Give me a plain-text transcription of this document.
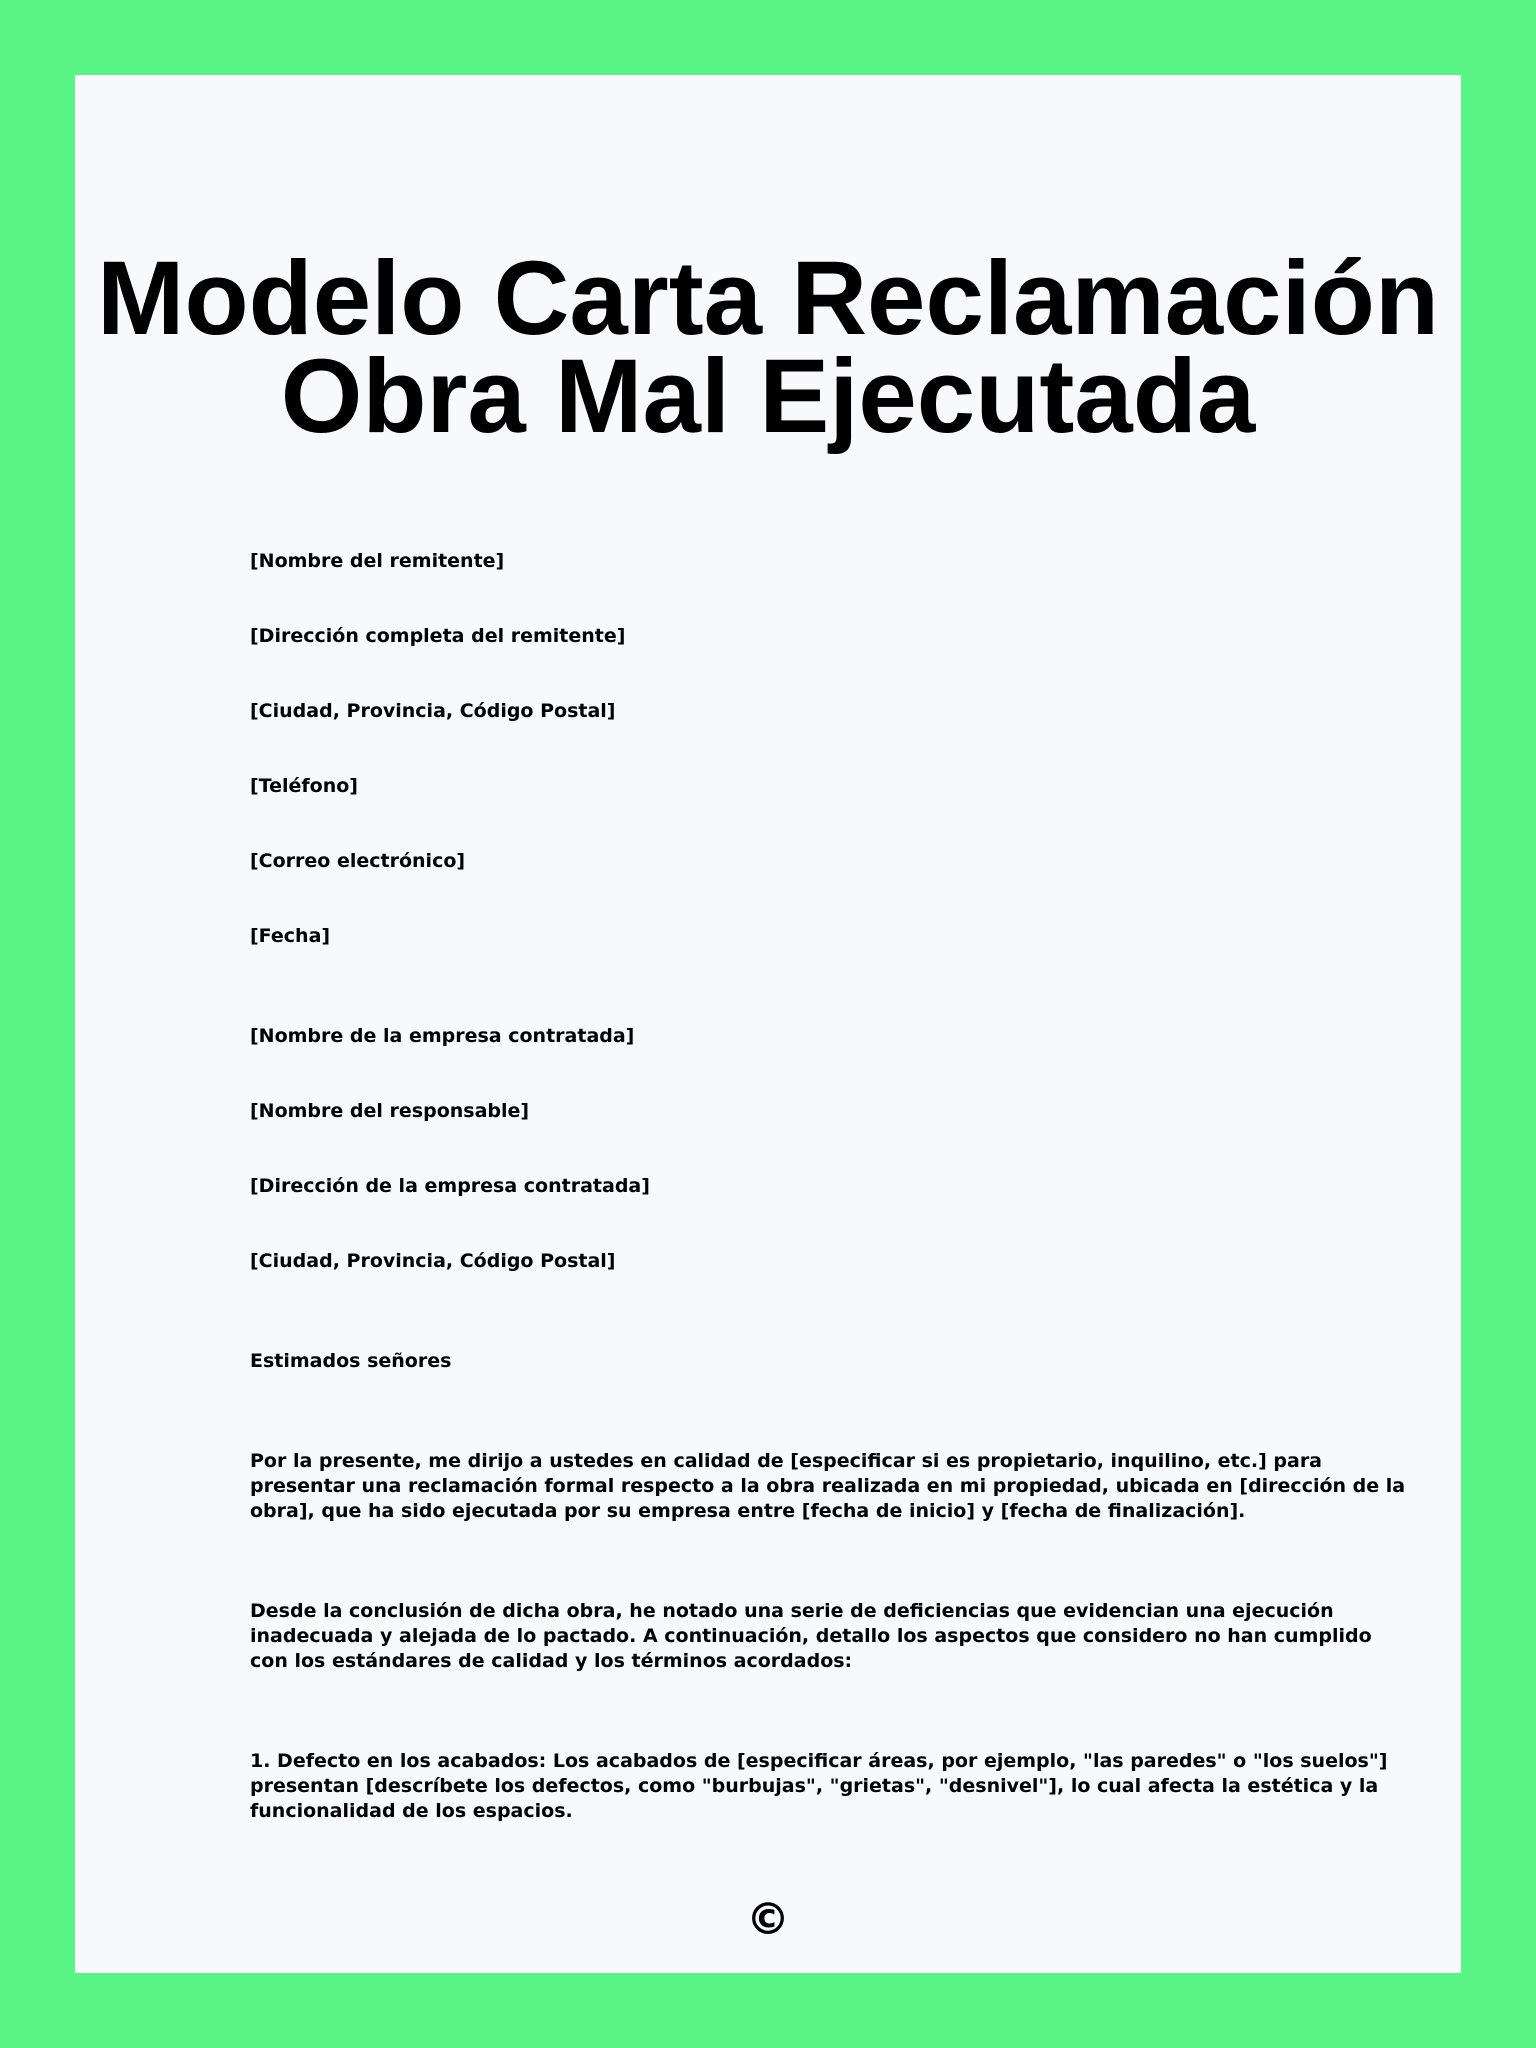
Modelo Carta Reclamación
Obra Mal Ejecutada

[Nombre del remitente]

[Dirección completa del remitente]

[Ciudad, Provincia, Código Postal]

[Teléfono]

[Correo electrónico]

[Fecha]

[Nombre de la empresa contratada]

[Nombre del responsable]

[Dirección de la empresa contratada]

[Ciudad, Provincia, Código Postal]

Estimados señores

Por la presente, me dirijo a ustedes en calidad de [especificar si es propietario, inquilino, etc.] para
presentar una reclamación formal respecto a la obra realizada en mi propiedad, ubicada en [dirección de la
obra], que ha sido ejecutada por su empresa entre [fecha de inicio] y [fecha de finalización].

Desde la conclusión de dicha obra, he notado una serie de deficiencias que evidencian una ejecución
inadecuada y alejada de lo pactado. A continuación, detallo los aspectos que considero no han cumplido
con los estándares de calidad y los términos acordados:

1. Defecto en los acabados: Los acabados de [especificar áreas, por ejemplo, "las paredes" o "los suelos"]
presentan [descríbete los defectos, como "burbujas", "grietas", "desnivel"], lo cual afecta la estética y la
funcionalidad de los espacios.

©
